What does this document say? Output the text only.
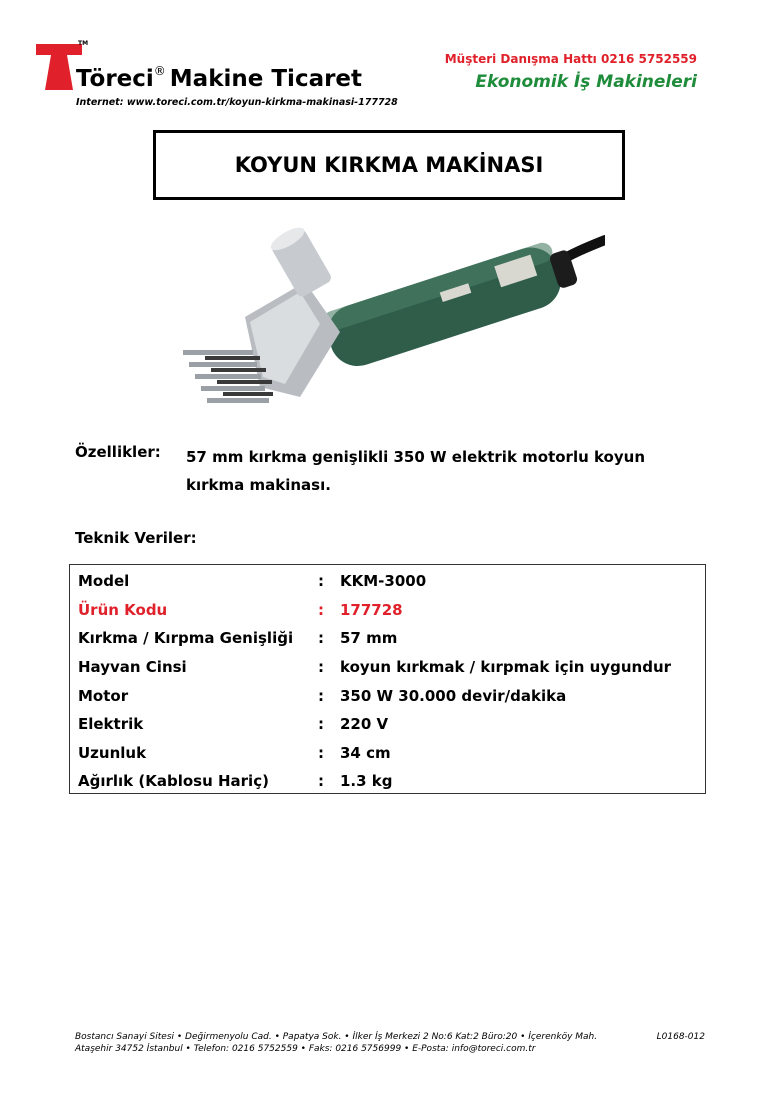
TM
Töreci® Makine Ticaret
Internet: www.toreci.com.tr/koyun-kirkma-makinasi-177728
Müşteri Danışma Hattı 0216 5752559
Ekonomik İş Makineleri
KOYUN KIRKMA MAKİNASI
Özellikler: 57 mm kırkma genişlikli 350 W elektrik motorlu koyun kırkma makinası.
Teknik Veriler:
Model	:	KKM-3000
Ürün Kodu	:	177728
Kırkma / Kırpma Genişliği	:	57 mm
Hayvan Cinsi	:	koyun kırkmak / kırpmak için uygundur
Motor	:	350 W 30.000 devir/dakika
Elektrik	:	220 V
Uzunluk	:	34 cm
Ağırlık (Kablosu Hariç)	:	1.3 kg
Bostancı Sanayi Sitesi • Değirmenyolu Cad. • Papatya Sok. • İlker İş Merkezi 2 No:6 Kat:2 Büro:20 • İçerenköy Mah.	L0168-012
Ataşehir 34752 İstanbul • Telefon: 0216 5752559 • Faks: 0216 5756999 • E-Posta: info@toreci.com.tr
